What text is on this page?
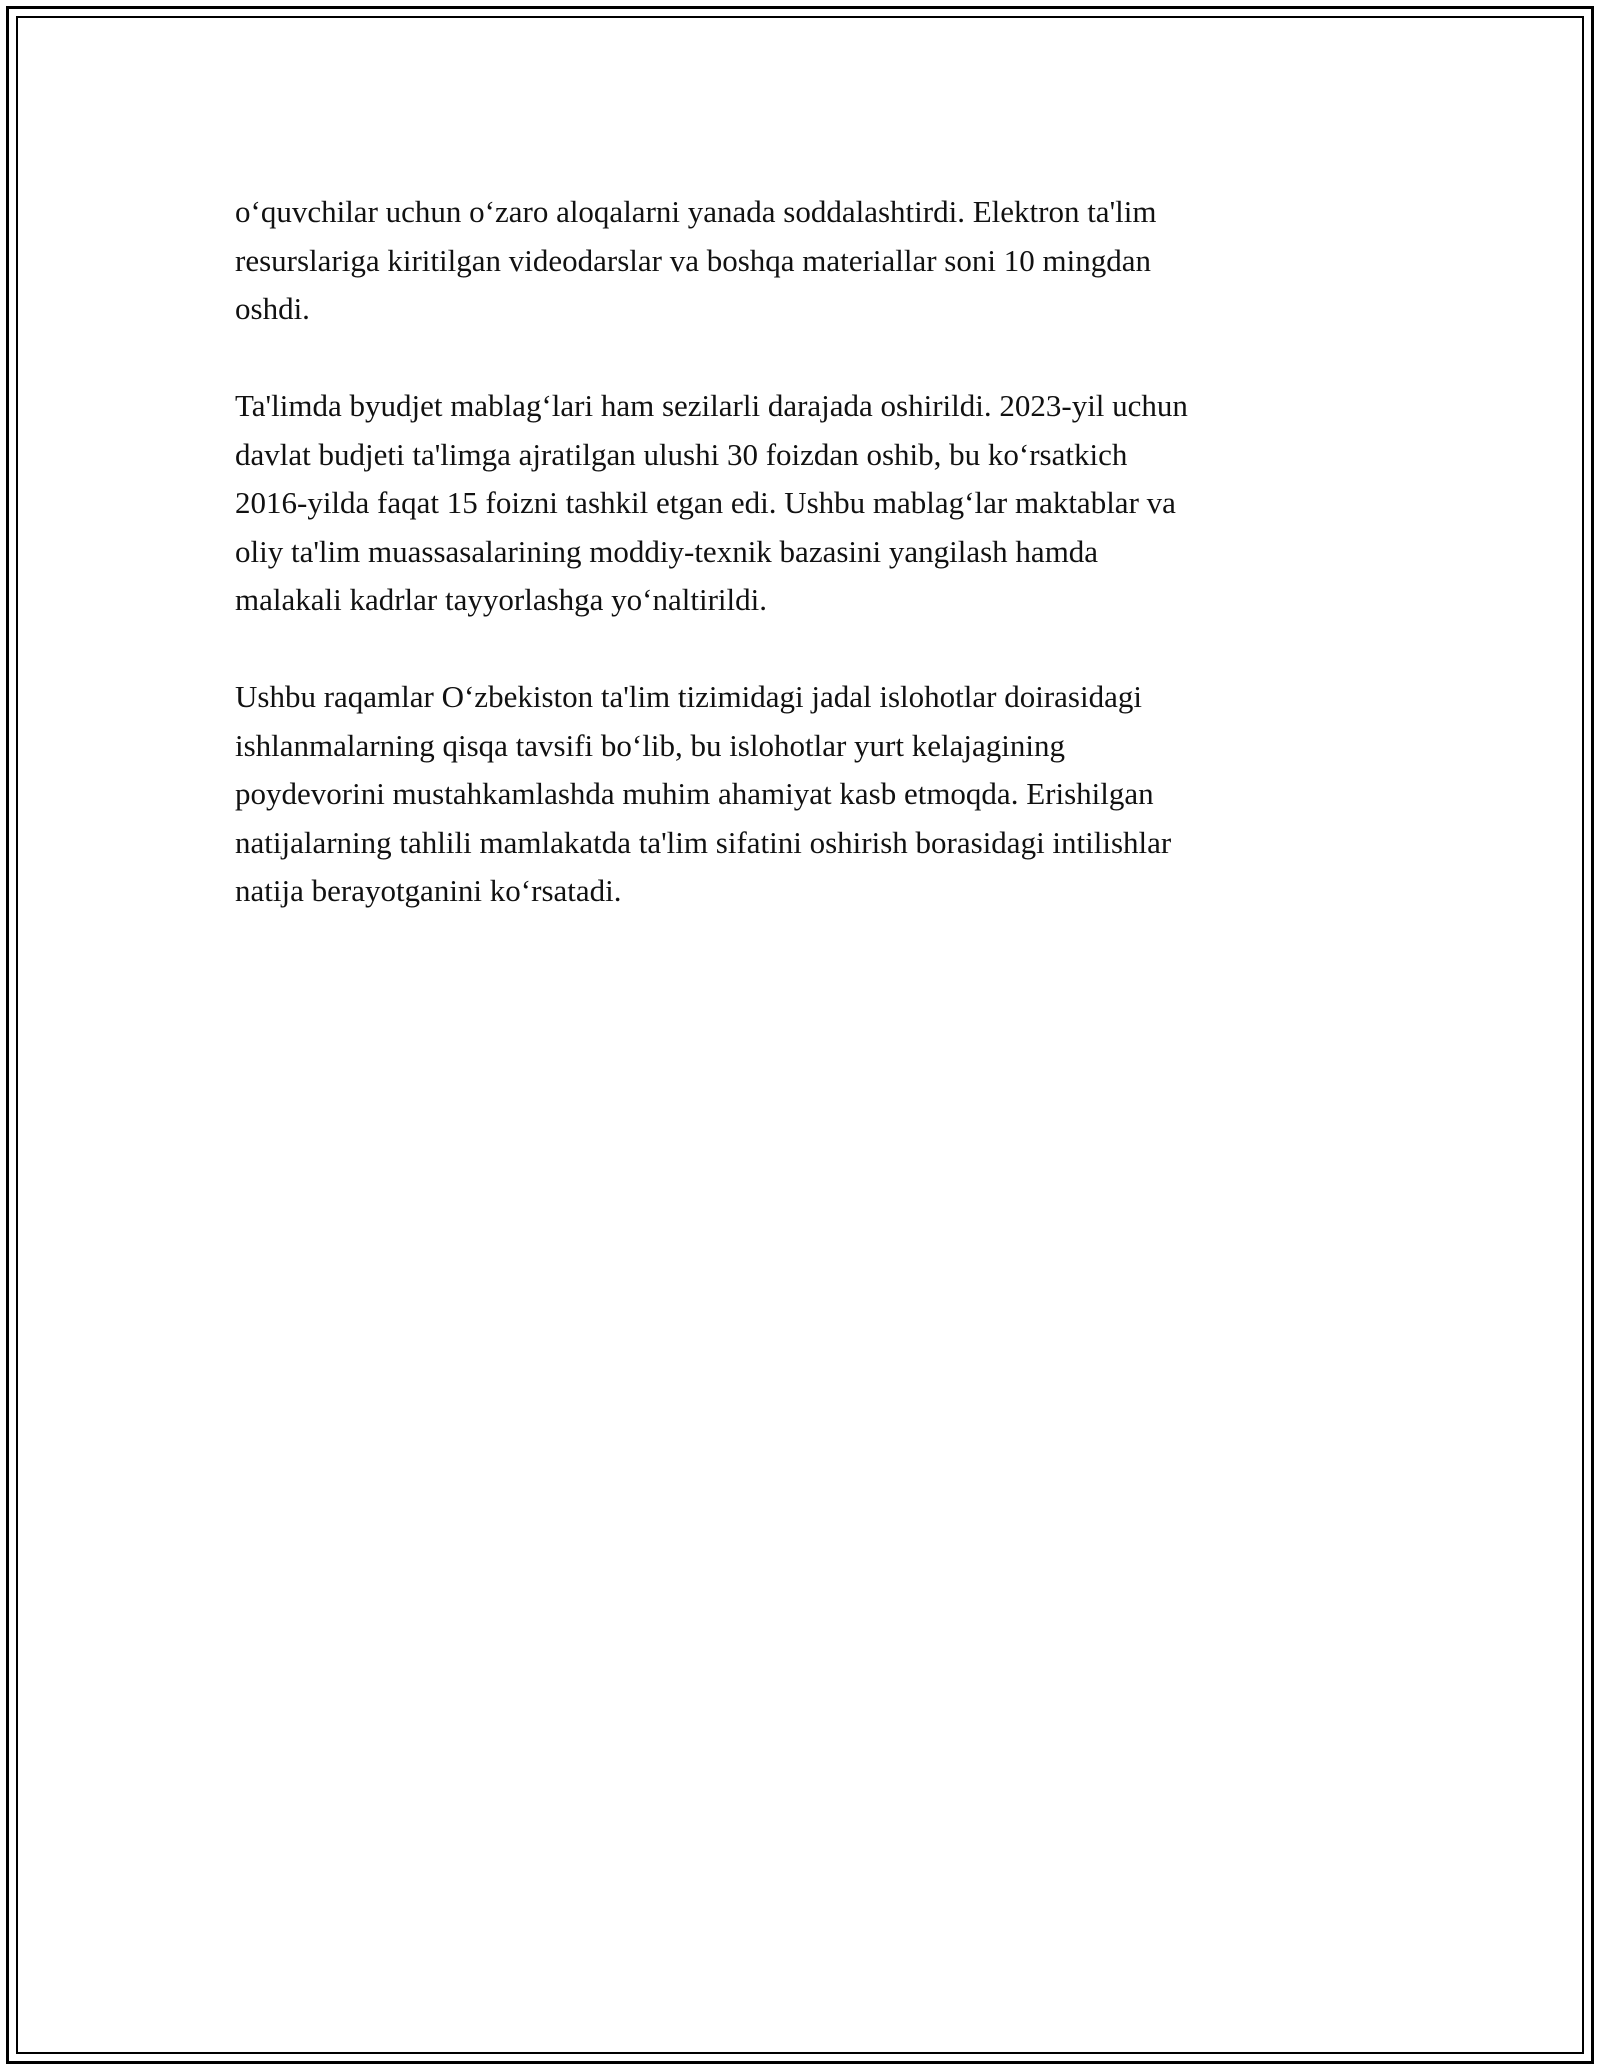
o‘quvchilar uchun o‘zaro aloqalarni yanada soddalashtirdi. Elektron ta'lim
resurslariga kiritilgan videodarslar va boshqa materiallar soni 10 mingdan
oshdi.

Ta'limda byudjet mablag‘lari ham sezilarli darajada oshirildi. 2023-yil uchun
davlat budjeti ta'limga ajratilgan ulushi 30 foizdan oshib, bu ko‘rsatkich
2016-yilda faqat 15 foizni tashkil etgan edi. Ushbu mablag‘lar maktablar va
oliy ta'lim muassasalarining moddiy-texnik bazasini yangilash hamda
malakali kadrlar tayyorlashga yo‘naltirildi.

Ushbu raqamlar O‘zbekiston ta'lim tizimidagi jadal islohotlar doirasidagi
ishlanmalarning qisqa tavsifi bo‘lib, bu islohotlar yurt kelajagining
poydevorini mustahkamlashda muhim ahamiyat kasb etmoqda. Erishilgan
natijalarning tahlili mamlakatda ta'lim sifatini oshirish borasidagi intilishlar
natija berayotganini ko‘rsatadi.
